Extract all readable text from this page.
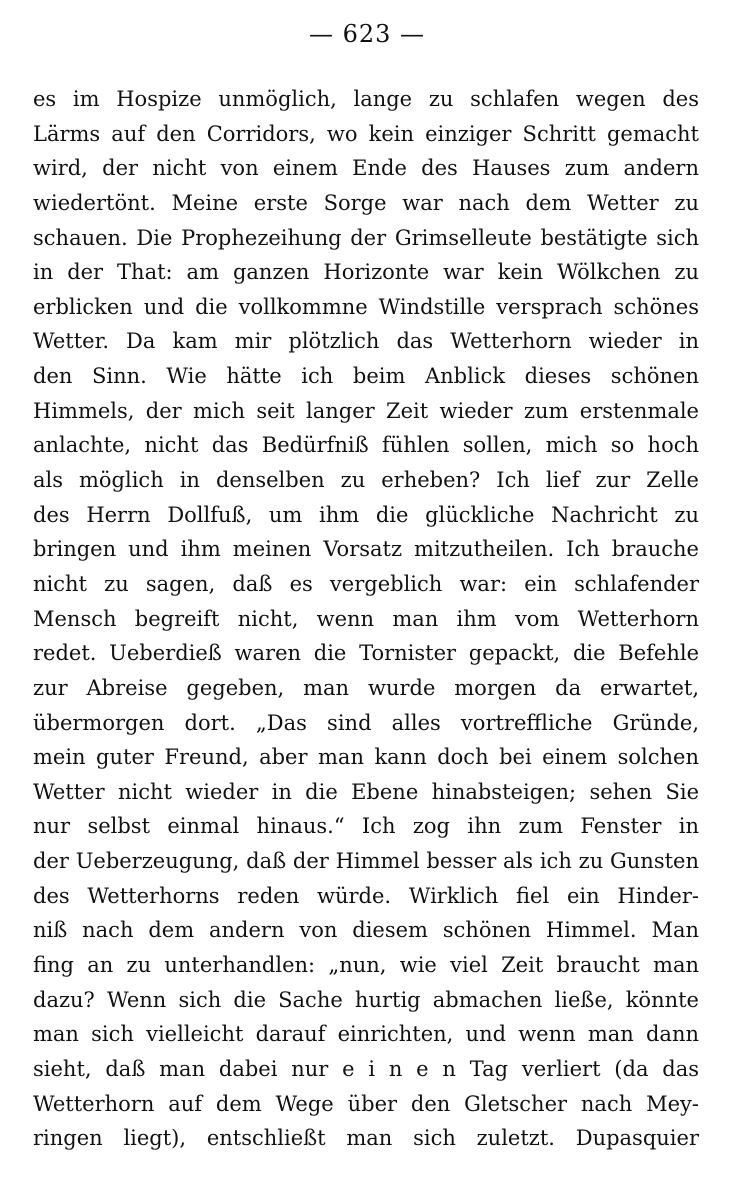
— 623 —
es im Hospize unmöglich, lange zu schlafen wegen des
Lärms auf den Corridors, wo kein einziger Schritt gemacht
wird, der nicht von einem Ende des Hauses zum andern
wiedertönt. Meine erste Sorge war nach dem Wetter zu
schauen. Die Prophezeihung der Grimselleute bestätigte sich
in der That: am ganzen Horizonte war kein Wölkchen zu
erblicken und die vollkommne Windstille versprach schönes
Wetter. Da kam mir plötzlich das Wetterhorn wieder in
den Sinn. Wie hätte ich beim Anblick dieses schönen
Himmels, der mich seit langer Zeit wieder zum erstenmale
anlachte, nicht das Bedürfniß fühlen sollen, mich so hoch
als möglich in denselben zu erheben? Ich lief zur Zelle
des Herrn Dollfuß, um ihm die glückliche Nachricht zu
bringen und ihm meinen Vorsatz mitzutheilen. Ich brauche
nicht zu sagen, daß es vergeblich war: ein schlafender
Mensch begreift nicht, wenn man ihm vom Wetterhorn
redet. Ueberdieß waren die Tornister gepackt, die Befehle
zur Abreise gegeben, man wurde morgen da erwartet,
übermorgen dort. „Das sind alles vortreffliche Gründe,
mein guter Freund, aber man kann doch bei einem solchen
Wetter nicht wieder in die Ebene hinabsteigen; sehen Sie
nur selbst einmal hinaus.“ Ich zog ihn zum Fenster in
der Ueberzeugung, daß der Himmel besser als ich zu Gunsten
des Wetterhorns reden würde. Wirklich fiel ein Hinder-
niß nach dem andern von diesem schönen Himmel. Man
fing an zu unterhandlen: „nun, wie viel Zeit braucht man
dazu? Wenn sich die Sache hurtig abmachen ließe, könnte
man sich vielleicht darauf einrichten, und wenn man dann
sieht, daß man dabei nur e i n e n Tag verliert (da das
Wetterhorn auf dem Wege über den Gletscher nach Mey-
ringen liegt), entschließt man sich zuletzt. Dupasquier
